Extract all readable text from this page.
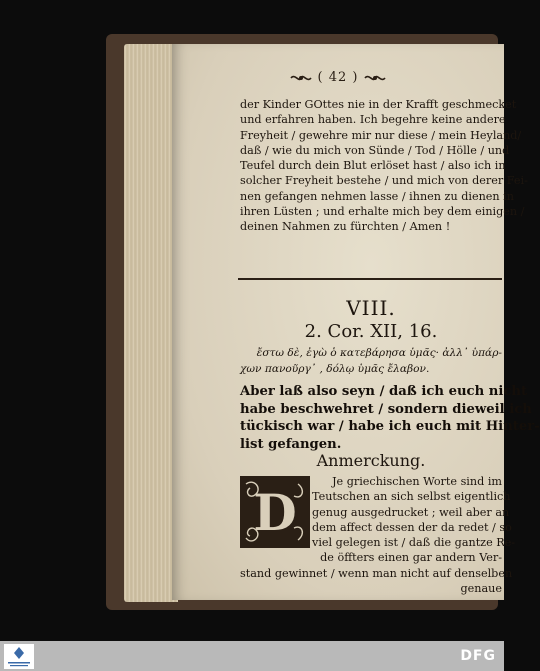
( 42 )
der Kinder GOttes nie in der Krafft geschmecket
und erfahren haben. Ich begehre keine andere
Freyheit / gewehre mir nur diese / mein Heyland/
daß / wie du mich von Sünde / Tod / Hölle / und
Teufel durch dein Blut erlöset hast / also ich in
solcher Freyheit bestehe / und mich von derer Fei-
nen gefangen nehmen lasse / ihnen zu dienen in
ihren Lüsten ; und erhalte mich bey dem einigen /
deinen Nahmen zu fürchten / Amen !
VIII.
2. Cor. XII, 16.
ἔστω δὲ, ἐγὼ ὁ κατεβάρησα ὑμᾶς· ἀλλ᾽ ὑπάρ-
χων πανοῦργ᾽ , δόλῳ ὑμᾶς ἔλαβον.
Aber laß also seyn / daß ich euch nicht
habe beschwehret / sondern dieweil ich
tückisch war / habe ich euch mit Hinter-
list gefangen.
Anmerckung.
D
Je griechischen Worte sind im
Teutschen an sich selbst eigentlich
genug ausgedrucket ; weil aber an
dem affect dessen der da redet / so
viel gelegen ist / daß die gantze Re-
de öffters einen gar andern Ver-
stand gewinnet / wenn man nicht auf denselben
genaue
DFG
